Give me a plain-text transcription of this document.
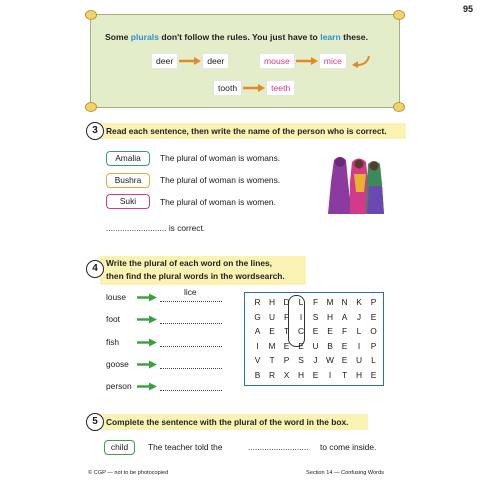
95
Some plurals don't follow the rules. You just have to learn these.
deer	deer	mouse	mice
tooth	teeth
Read each sentence, then write the name of the person who is correct.
3
Amalia	The plural of woman is womans.
Bushra	The plural of woman is womens.
Suki	The plural of woman is women.
.......................... is correct.
Write the plural of each word on the lines,
then find the plural words in the wordsearch.
4
louse	lice
foot
fish
goose
person
R	H	D	L	F	M N	K	P
G U	F	I	S	H	A	J	E
A	E	T	C	E	E	F	L	O
I	M E	E	U	B	E	I	P
V	T	P	S	J	W E	U	L
B	R	X	H	E	I	T	H	E
Complete the sentence with the plural of the word in the box.
5
child	The teacher told the	.......................... to come inside.
© CGP — not to be photocopied	Section 14 — Confusing Words
